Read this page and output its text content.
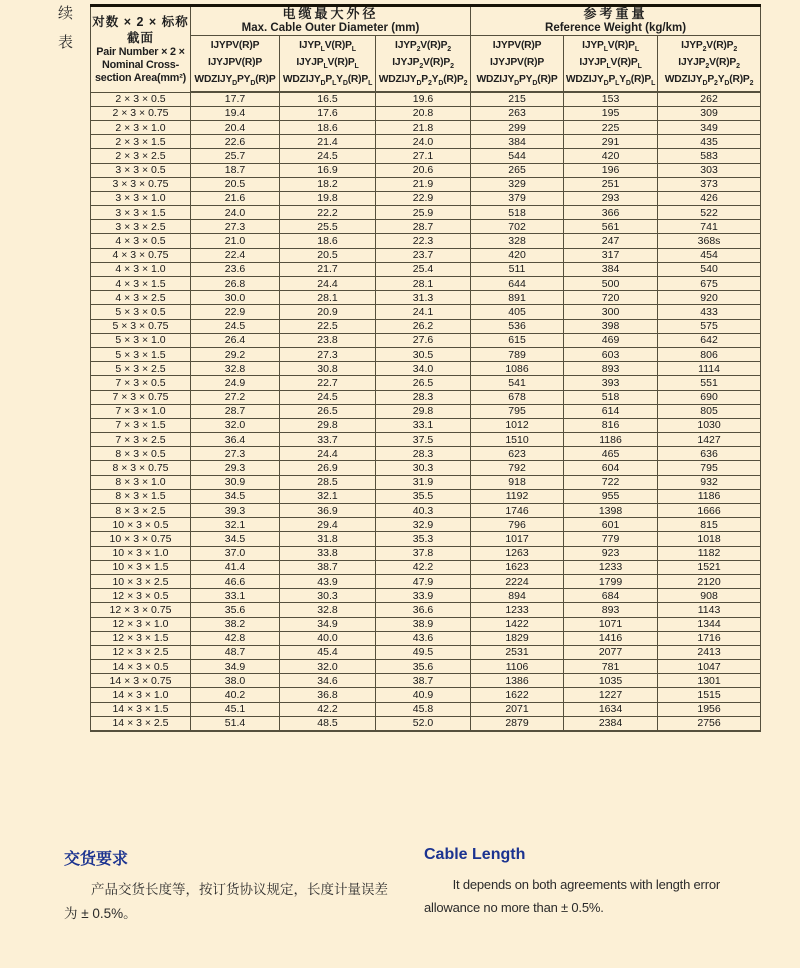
续
表
对数 × 2 × 标称
截面
Pair Number × 2 ×
Nominal Cross-
section Area(mm²)

电缆最大外径
Max. Cable Outer Diameter (mm)

参考重量
Reference Weight (kg/km)

	IJYPV(R)P
IJYJPV(R)P
$WDZIJY_DPY_D(R)P$	$IJYP_LV(R)P_L$
$IJYJP_LV(R)P_L$
$WDZIJY_DP_LY_D(R)P_L$	$IJYP_2V(R)P_2$
$IJYJP_2V(R)P_2$
$WDZIJY_DP_2Y_D(R)P_2$	IJYPV(R)P
IJYJPV(R)P
$WDZIJY_DPY_D(R)P$	$IJYP_LV(R)P_L$
$IJYJP_LV(R)P_L$
$WDZIJY_DP_LY_D(R)P_L$	$IJYP_2V(R)P_2$
$IJYJP_2V(R)P_2$
$WDZIJY_DP_2Y_D(R)P_2$
2 × 3 × 0.5	17.7	16.5	19.6	215	153	262
2 × 3 × 0.75	19.4	17.6	20.8	263	195	309
2 × 3 × 1.0	20.4	18.6	21.8	299	225	349
2 × 3 × 1.5	22.6	21.4	24.0	384	291	435
2 × 3 × 2.5	25.7	24.5	27.1	544	420	583
3 × 3 × 0.5	18.7	16.9	20.6	265	196	303
3 × 3 × 0.75	20.5	18.2	21.9	329	251	373
3 × 3 × 1.0	21.6	19.8	22.9	379	293	426
3 × 3 × 1.5	24.0	22.2	25.9	518	366	522
3 × 3 × 2.5	27.3	25.5	28.7	702	561	741
4 × 3 × 0.5	21.0	18.6	22.3	328	247	368s
4 × 3 × 0.75	22.4	20.5	23.7	420	317	454
4 × 3 × 1.0	23.6	21.7	25.4	511	384	540
4 × 3 × 1.5	26.8	24.4	28.1	644	500	675
4 × 3 × 2.5	30.0	28.1	31.3	891	720	920
5 × 3 × 0.5	22.9	20.9	24.1	405	300	433
5 × 3 × 0.75	24.5	22.5	26.2	536	398	575
5 × 3 × 1.0	26.4	23.8	27.6	615	469	642
5 × 3 × 1.5	29.2	27.3	30.5	789	603	806
5 × 3 × 2.5	32.8	30.8	34.0	1086	893	1114
7 × 3 × 0.5	24.9	22.7	26.5	541	393	551
7 × 3 × 0.75	27.2	24.5	28.3	678	518	690
7 × 3 × 1.0	28.7	26.5	29.8	795	614	805
7 × 3 × 1.5	32.0	29.8	33.1	1012	816	1030
7 × 3 × 2.5	36.4	33.7	37.5	1510	1186	1427
8 × 3 × 0.5	27.3	24.4	28.3	623	465	636
8 × 3 × 0.75	29.3	26.9	30.3	792	604	795
8 × 3 × 1.0	30.9	28.5	31.9	918	722	932
8 × 3 × 1.5	34.5	32.1	35.5	1192	955	1186
8 × 3 × 2.5	39.3	36.9	40.3	1746	1398	1666
10 × 3 × 0.5	32.1	29.4	32.9	796	601	815
10 × 3 × 0.75	34.5	31.8	35.3	1017	779	1018
10 × 3 × 1.0	37.0	33.8	37.8	1263	923	1182
10 × 3 × 1.5	41.4	38.7	42.2	1623	1233	1521
10 × 3 × 2.5	46.6	43.9	47.9	2224	1799	2120
12 × 3 × 0.5	33.1	30.3	33.9	894	684	908
12 × 3 × 0.75	35.6	32.8	36.6	1233	893	1143
12 × 3 × 1.0	38.2	34.9	38.9	1422	1071	1344
12 × 3 × 1.5	42.8	40.0	43.6	1829	1416	1716
12 × 3 × 2.5	48.7	45.4	49.5	2531	2077	2413
14 × 3 × 0.5	34.9	32.0	35.6	1106	781	1047
14 × 3 × 0.75	38.0	34.6	38.7	1386	1035	1301
14 × 3 × 1.0	40.2	36.8	40.9	1622	1227	1515
14 × 3 × 1.5	45.1	42.2	45.8	2071	1634	1956
14 × 3 × 2.5	51.4	48.5	52.0	2879	2384	2756
交货要求

产品交货长度等，按订货协议规定，长度计量误差为 ± 0.5%。

Cable Length

It depends on both agreements with length error allowance no more than ± 0.5%.
